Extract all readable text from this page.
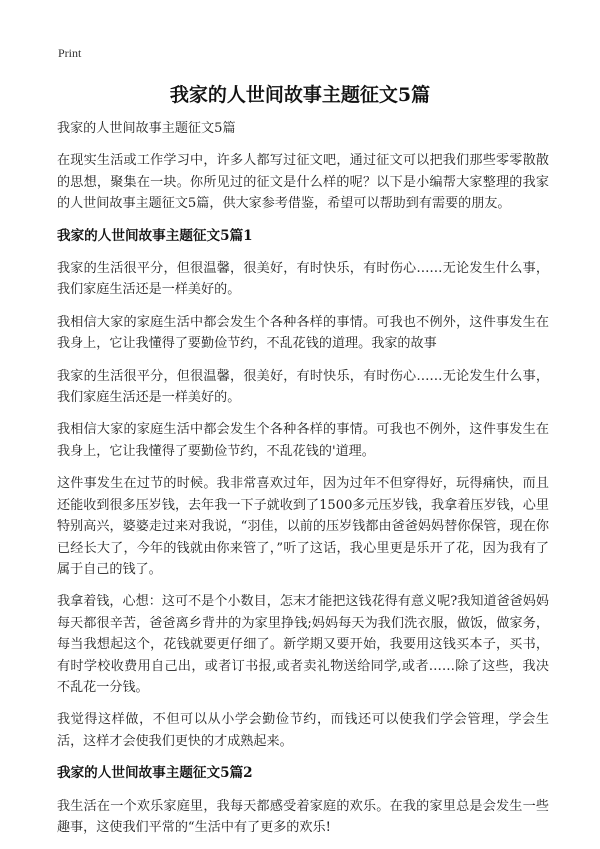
Print
我家的人世间故事主题征文5篇

我家的人世间故事主题征文5篇

在现实生活或工作学习中，许多人都写过征文吧，通过征文可以把我们那些零零散散的思想，聚集在一块。你所见过的征文是什么样的呢？以下是小编帮大家整理的我家的人世间故事主题征文5篇，供大家参考借鉴，希望可以帮助到有需要的朋友。

我家的人世间故事主题征文5篇1

我家的生活很平分，但很温馨，很美好，有时快乐，有时伤心……无论发生什么事，我们家庭生活还是一样美好的。

我相信大家的家庭生活中都会发生个各种各样的事情。可我也不例外，这件事发生在我身上，它让我懂得了要勤俭节约，不乱花钱的道理。我家的故事

我家的生活很平分，但很温馨，很美好，有时快乐，有时伤心……无论发生什么事，我们家庭生活还是一样美好的。

我相信大家的家庭生活中都会发生个各种各样的事情。可我也不例外，这件事发生在我身上，它让我懂得了要勤俭节约，不乱花钱的'道理。

这件事发生在过节的时候。我非常喜欢过年，因为过年不但穿得好，玩得痛快，而且还能收到很多压岁钱，去年我一下子就收到了1500多元压岁钱，我拿着压岁钱，心里特别高兴，婆婆走过来对我说，“羽佳，以前的压岁钱都由爸爸妈妈替你保管，现在你已经长大了，今年的钱就由你来管了，”听了这话，我心里更是乐开了花，因为我有了属于自己的钱了。

我拿着钱，心想：这可不是个小数目，怎末才能把这钱花得有意义呢?我知道爸爸妈妈每天都很辛苦，爸爸离乡背井的为家里挣钱;妈妈每天为我们洗衣服，做饭，做家务，每当我想起这个，花钱就要更仔细了。新学期又要开始，我要用这钱买本子，买书，有时学校收费用自己出，或者订书报,或者卖礼物送给同学,或者……除了这些，我决不乱花一分钱。

我觉得这样做，不但可以从小学会勤俭节约，而钱还可以使我们学会管理，学会生活，这样才会使我们更快的才成熟起来。

我家的人世间故事主题征文5篇2

我生活在一个欢乐家庭里，我每天都感受着家庭的欢乐。在我的家里总是会发生一些趣事，这使我们平常的“生活中有了更多的欢乐!
